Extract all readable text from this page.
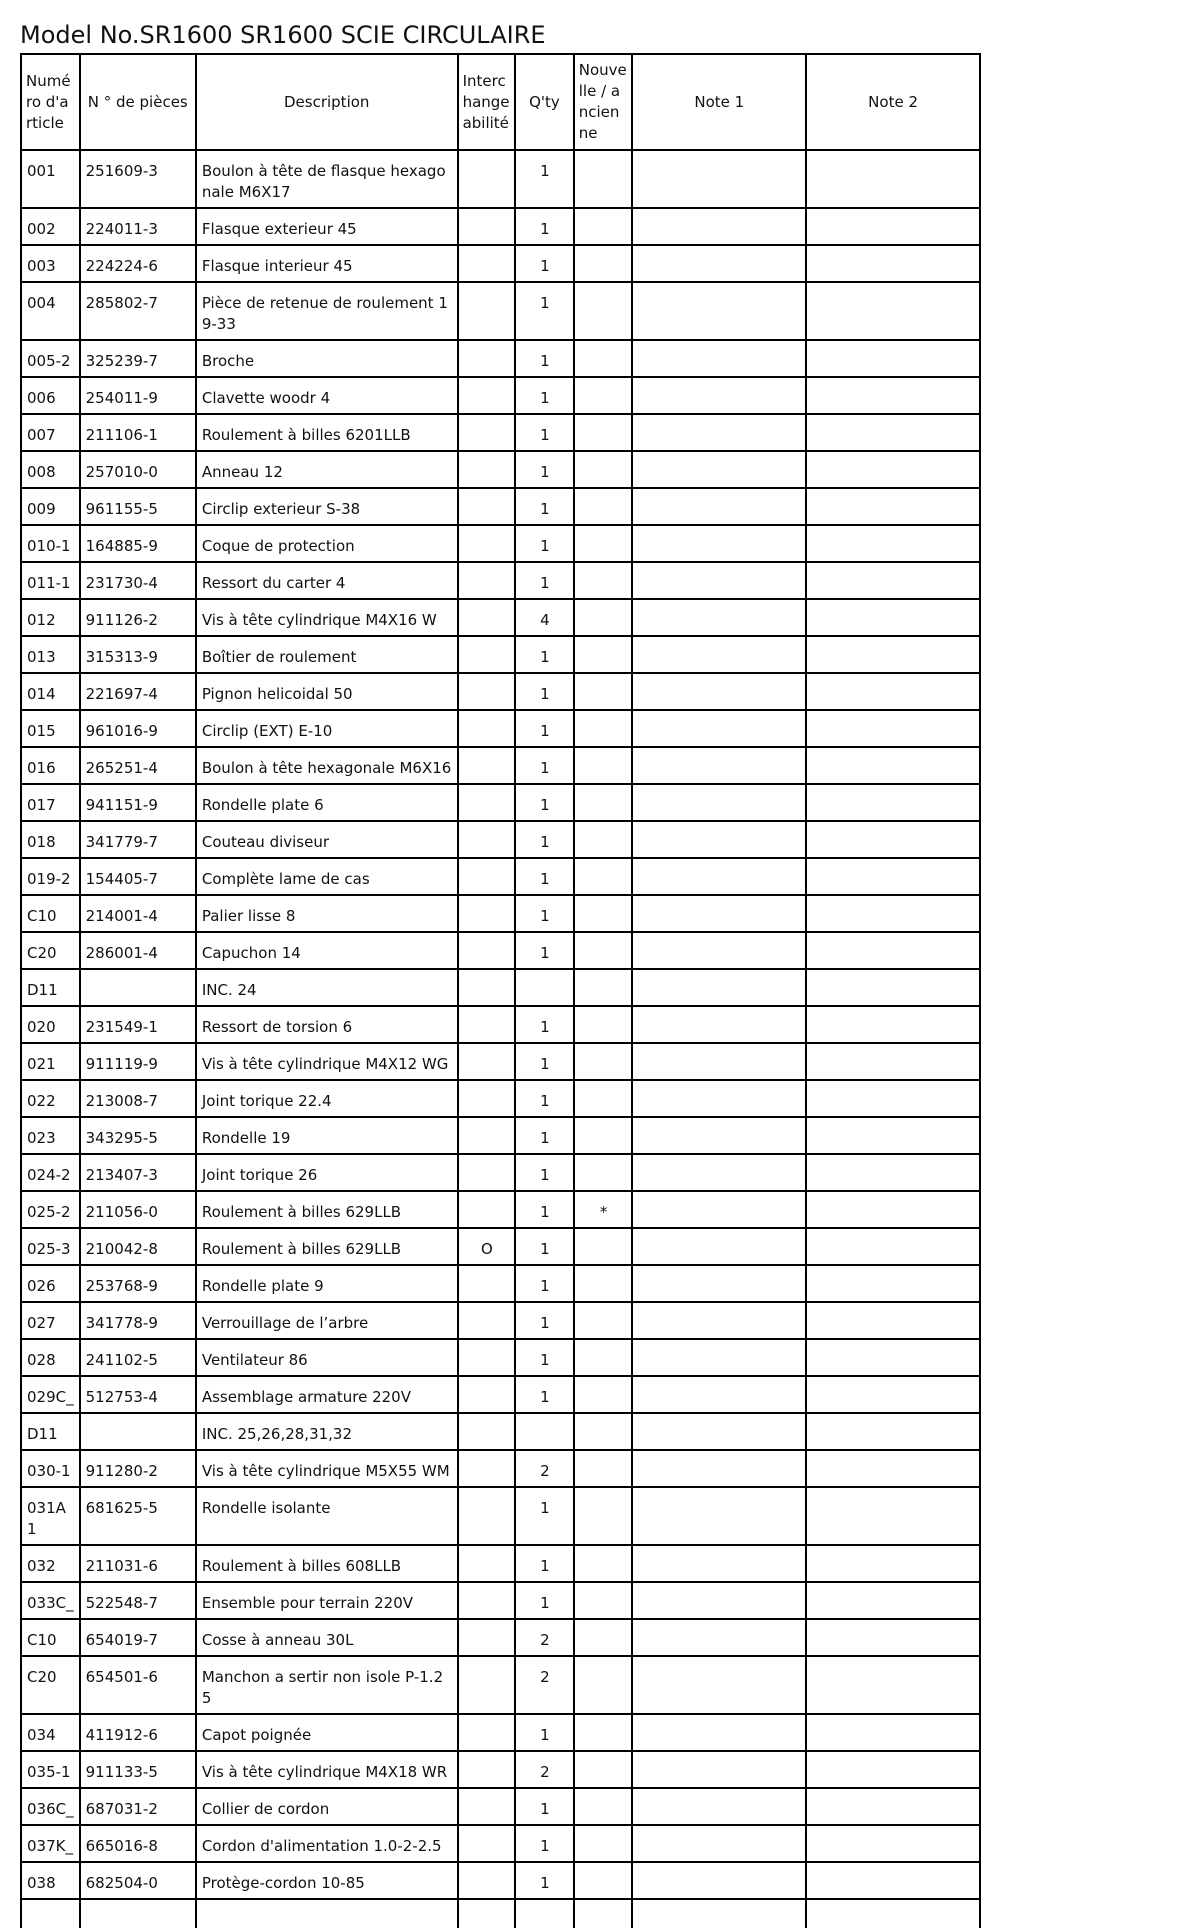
Model No.SR1600 SR1600 SCIE CIRCULAIRE
Numéro d'article	N ° de pièces	Description	Interchangeabilité	Q'ty	Nouvelle / ancienne	Note 1	Note 2
001	251609-3	Boulon à tête de flasque hexagonale M6X17		1			
002	224011-3	Flasque exterieur 45		1			
003	224224-6	Flasque interieur 45		1			
004	285802-7	Pièce de retenue de roulement 19-33		1			
005-2	325239-7	Broche		1			
006	254011-9	Clavette woodr 4		1			
007	211106-1	Roulement à billes 6201LLB		1			
008	257010-0	Anneau 12		1			
009	961155-5	Circlip exterieur S-38		1			
010-1	164885-9	Coque de protection		1			
011-1	231730-4	Ressort du carter 4		1			
012	911126-2	Vis à tête cylindrique M4X16 W		4			
013	315313-9	Boîtier de roulement		1			
014	221697-4	Pignon helicoidal 50		1			
015	961016-9	Circlip (EXT) E-10		1			
016	265251-4	Boulon à tête hexagonale M6X16		1			
017	941151-9	Rondelle plate 6		1			
018	341779-7	Couteau diviseur		1			
019-2	154405-7	Complète lame de cas		1			
C10	214001-4	Palier lisse 8		1			
C20	286001-4	Capuchon 14		1			
D11		INC. 24					
020	231549-1	Ressort de torsion 6		1			
021	911119-9	Vis à tête cylindrique M4X12 WG		1			
022	213008-7	Joint torique 22.4		1			
023	343295-5	Rondelle 19		1			
024-2	213407-3	Joint torique 26		1			
025-2	211056-0	Roulement à billes 629LLB		1	*		
025-3	210042-8	Roulement à billes 629LLB	O	1			
026	253768-9	Rondelle plate 9		1			
027	341778-9	Verrouillage de l’arbre		1			
028	241102-5	Ventilateur 86		1			
029C_	512753-4	Assemblage armature 220V		1			
D11		INC. 25,26,28,31,32					
030-1	911280-2	Vis à tête cylindrique M5X55 WM		2			
031A1	681625-5	Rondelle isolante		1			
032	211031-6	Roulement à billes 608LLB		1			
033C_	522548-7	Ensemble pour terrain 220V		1			
C10	654019-7	Cosse à anneau 30L		2			
C20	654501-6	Manchon a sertir non isole P-1.25		2			
034	411912-6	Capot poignée		1			
035-1	911133-5	Vis à tête cylindrique M4X18 WR		2			
036C_	687031-2	Collier de cordon		1			
037K_	665016-8	Cordon d'alimentation 1.0-2-2.5		1			
038	682504-0	Protège-cordon 10-85		1			
